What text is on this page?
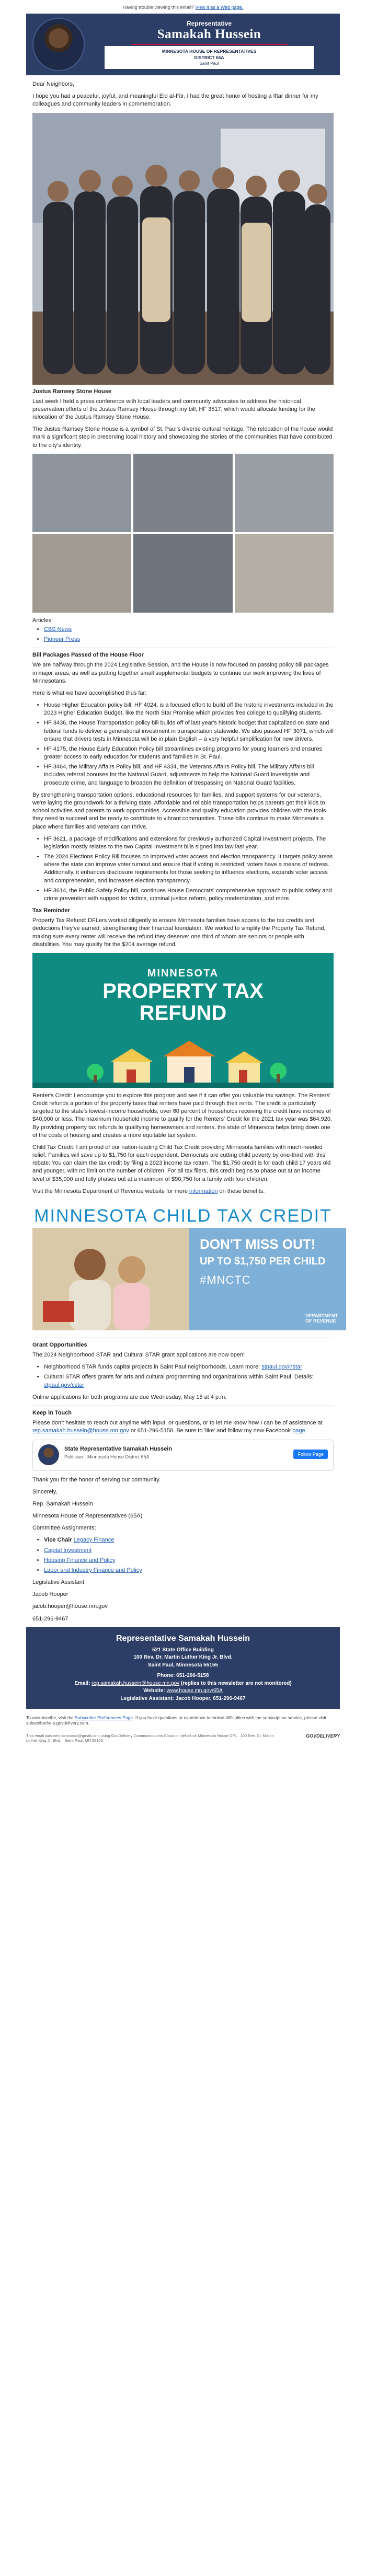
Having trouble viewing this email? View it as a Web page.
Representative
Samakah Hussein
MINNESOTA HOUSE OF REPRESENTATIVES
DISTRICT 65A
Saint Paul

Dear Neighbors,

I hope you had a peaceful, joyful, and meaningful Eid al-Fitr. I had the great honor of hosting a Iftar dinner for my colleagues and community leaders in commemoration.

Justus Ramsey Stone House

Last week I held a press conference with local leaders and community advocates to address the historical preservation efforts of the Justus Ramsey House through my bill, HF 3517, which would allocate funding for the relocation of the Justus Ramsey Stone House.

The Justus Ramsey Stone House is a symbol of St. Paul's diverse cultural heritage. The relocation of the house would mark a significant step in preserving local history and showcasing the stories of the communities that have contributed to the city's identity.

Articles:
• CBS News
• Pioneer Press
Bill Packages Passed of the House Floor

We are halfway through the 2024 Legislative Session, and the House is now focused on passing policy bill packages in major areas, as well as putting together small supplemental budgets to continue our work improving the lives of Minnesotans.

Here is what we have accomplished thus far:

• House Higher Education policy bill, HF 4024, is a focused effort to build off the historic investments included in the 2023 Higher Education Budget, like the North Star Promise which provides free college to qualifying students.
• HF 3436, the House Transportation policy bill builds off of last year's historic budget that capitalized on state and federal funds to deliver a generational investment in transportation statewide. We also passed HF 3071, which will ensure that drivers tests in Minnesota will be in plain English – a very helpful simplification for new drivers.
• HF 4175, the House Early Education Policy bill streamlines existing programs for young learners and ensures greater access to early education for students and families in St. Paul.
• HF 3464, the Military Affairs Policy bill, and HF 4334, the Veterans Affairs Policy bill. The Military Affairs bill includes referral bonuses for the National Guard, adjustments to help the National Guard investigate and prosecute crime, and language to broaden the definition of trespassing on National Guard facilities.

By strengthening transportation options, educational resources for families, and support systems for our veterans, we're laying the groundwork for a thriving state. Affordable and reliable transportation helps parents get their kids to school activities and parents to work opportunities. Accessible and quality education provides children with the tools they need to succeed and be ready to contribute to vibrant communities. These bills continue to make Minnesota a place where families and veterans can thrive.

• HF 3621, a package of modifications and extensions for previously authorized Capital Investment projects. The legislation mostly relates to the two Capital Investment bills signed into law last year.
• The 2024 Elections Policy Bill focuses on improved voter access and election transparency. It targets policy areas where the state can improve voter turnout and ensure that if voting is restricted, voters have a means of redress. Additionally, it enhances disclosure requirements for those seeking to influence elections, expands voter access and comprehension, and increases election transparency.
• HF 3614, the Public Safety Policy bill, continues House Democrats' comprehensive approach to public safety and crime prevention with support for victims, criminal justice reform, policy modernization, and more.
Tax Reminder

Property Tax Refund: DFLers worked diligently to ensure Minnesota families have access to the tax credits and deductions they've earned, strengthening their financial foundation. We worked to simplify the Property Tax Refund, making sure every renter will receive the refund they deserve: one third of whom are seniors or people with disabilities. You may qualify for the $204 average refund.

MINNESOTA
PROPERTY TAX
REFUND

Renter's Credit: I encourage you to explore this program and see if it can offer you valuable tax savings. The Renters' Credit refunds a portion of the property taxes that renters have paid through their rents. The credit is particularly targeted to the state's lowest-income households; over 60 percent of households receiving the credit have incomes of $40,000 or less. The maximum household income to qualify for the Renters' Credit for the 2021 tax year was $64,920. By providing property tax refunds to qualifying homeowners and renters, the state of Minnesota helps bring down one of the costs of housing and creates a more equitable tax system.

Child Tax Credit: I am proud of our nation-leading Child Tax Credit providing Minnesota families with much-needed relief. Families will save up to $1,750 for each dependent. Democrats are cutting child poverty by one-third with this rebate: You can claim the tax credit by filing a 2023 income tax return. The $1,750 credit is for each child 17 years old and younger, with no limit on the number of children. For all tax filers, this credit begins to phase out at an income level of $35,000 and fully phases out at a maximum of $90,750 for a family with four children.

Visit the Minnesota Department of Revenue website for more information on these benefits.

MINNESOTA CHILD TAX CREDIT
DON'T MISS OUT!
UP TO $1,750 PER CHILD
#MNCTC
DEPARTMENT
OF REVENUE
Grant Opportunities

The 2024 Neighborhood STAR and Cultural STAR grant applications are now open!

• Neighborhood STAR funds capital projects in Saint Paul neighborhoods. Learn more: stpaul.gov/nstar
• Cultural STAR offers grants for arts and cultural programming and organizations within Saint Paul. Details: stpaul.gov/cstar

Online applications for both programs are due Wednesday, May 15 at 4 p.m.

Keep in Touch

Please don't hesitate to reach out anytime with input, or questions, or to let me know how I can be of assistance at rep.samakah.hussein@house.mn.gov or 651-296-5158. Be sure to 'like' and follow my new Facebook page.

State Representative Samakah Hussein
Politician · Minnesota House District 65A	Follow Page

Thank you for the honor of serving our community.

Sincerely,

Rep. Samakah Hussein

Minnesota House of Representatives (65A)

Committee Assignments:

• Vice Chair Legacy Finance
• Capital Investment
• Housing Finance and Policy
• Labor and Industry Finance and Policy

Legislative Assistant

Jacob Hooper

jacob.hooper@house.mn.gov

651-296-9467

Representative Samakah Hussein
521 State Office Building
100 Rev. Dr. Martin Luther King Jr. Blvd.
Saint Paul, Minnesota 55155
Phone: 651-296-5158
Email: rep.samakah.hussein@house.mn.gov (replies to this newsletter are not monitored)
Website: www.house.mn.gov/65A
Legislative Assistant: Jacob Hooper, 651-296-9467
To unsubscribe, visit the Subscriber Preferences Page. If you have questions or experience technical difficulties with the subscription service, please visit subscriberhelp.govdelivery.com.
This email was sent to xxxxxx@gmail.com using GovDelivery Communications Cloud on behalf of: Minnesota House DFL · 100 Rev. Dr. Martin Luther King Jr. Blvd. · Saint Paul, MN 55155
GOVDELIVERY
